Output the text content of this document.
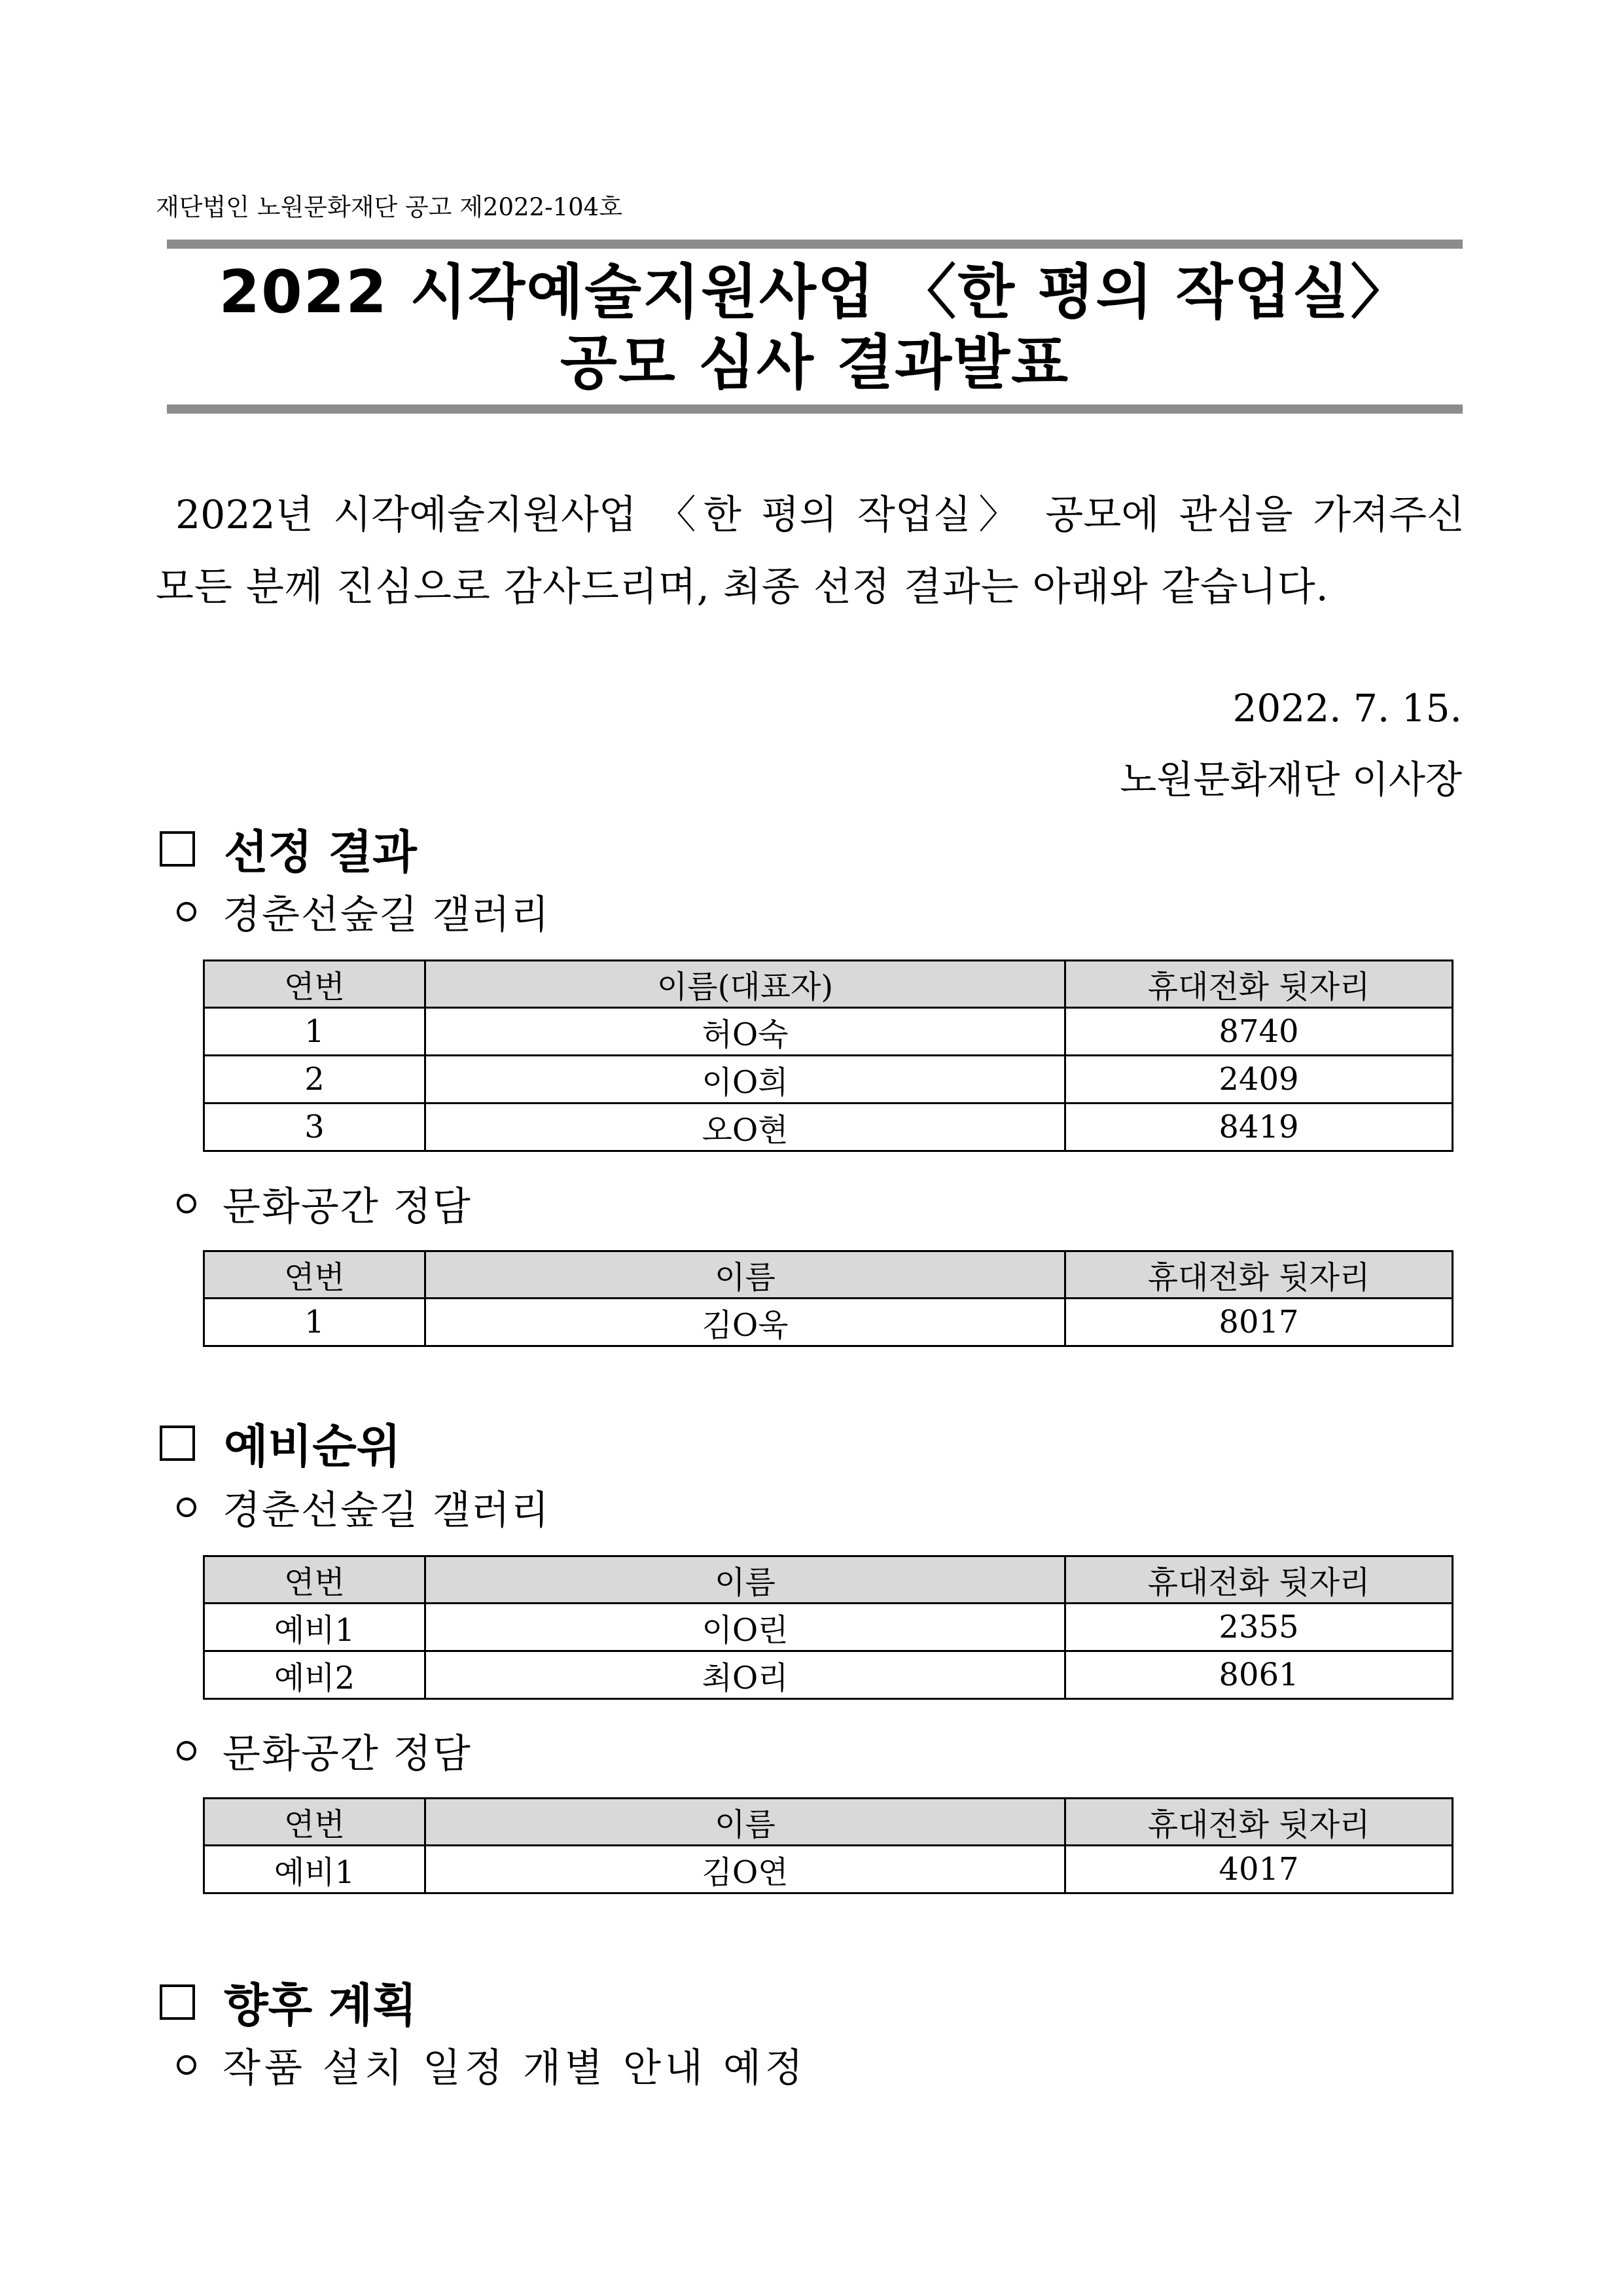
재단법인 노원문화재단 공고 제2022-104호
2022 시각예술지원사업 〈한 평의 작업실〉
공모 심사 결과발표

2022년 시각예술지원사업 〈한 평의 작업실〉 공모에 관심을 가져주신

모든 분께 진심으로 감사드리며, 최종 선정 결과는 아래와 같습니다.

2022. 7. 15.
노원문화재단 이사장
선정 결과
경춘선숲길 갤러리
연번	이름(대표자)	휴대전화 뒷자리
1	허O숙	8740
2	이O희	2409
3	오O현	8419
문화공간 정담
연번	이름	휴대전화 뒷자리
1	김O욱	8017
예비순위
경춘선숲길 갤러리
연번	이름	휴대전화 뒷자리
예비1	이O린	2355
예비2	최O리	8061
문화공간 정담
연번	이름	휴대전화 뒷자리
예비1	김O연	4017
향후 계획
작품 설치 일정 개별 안내 예정
